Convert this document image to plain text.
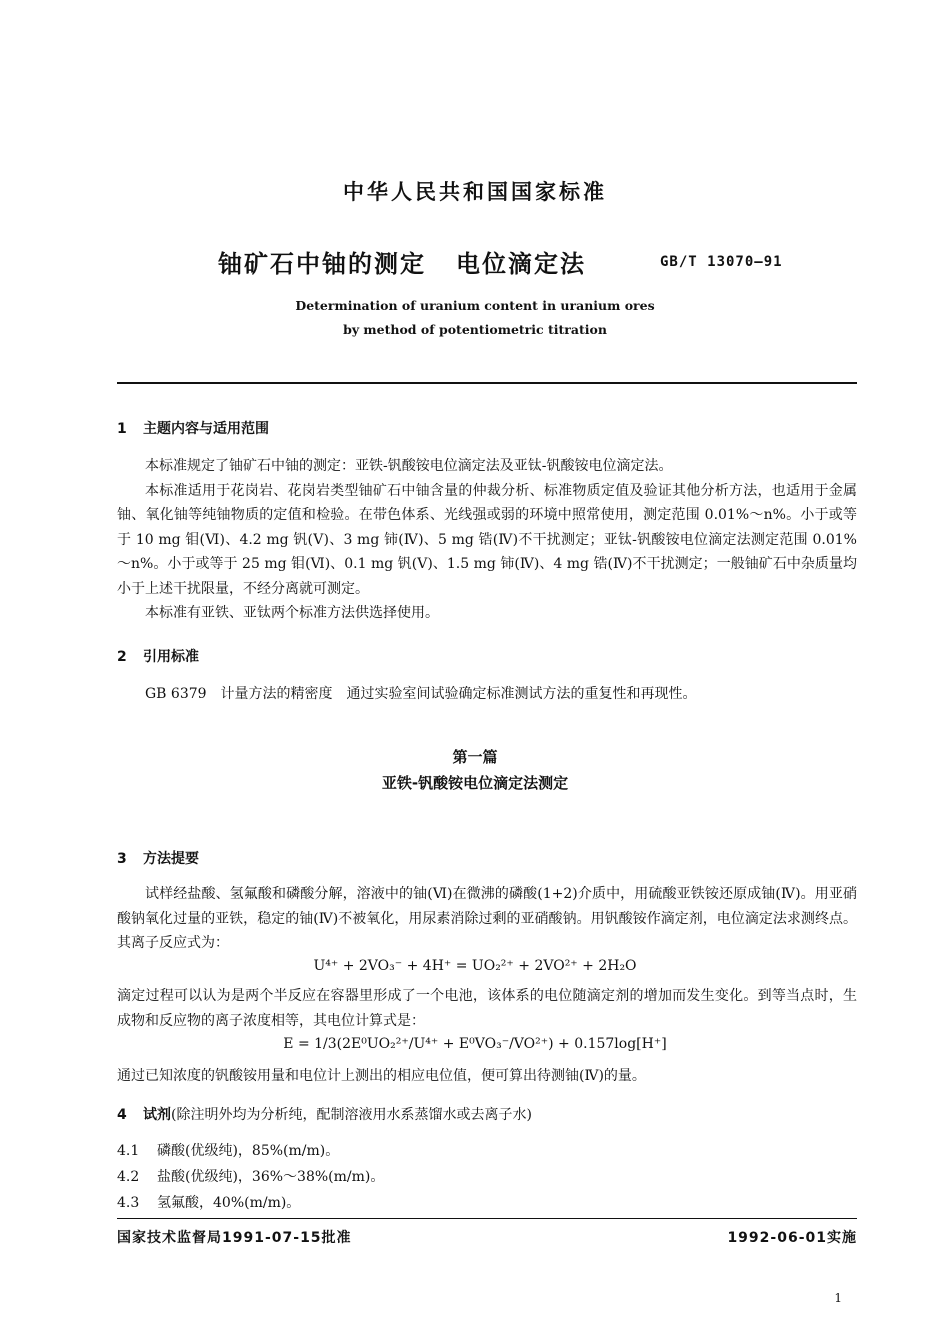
中华人民共和国国家标准
铀矿石中铀的测定 电位滴定法	GB/T 13070—91
Determination of uranium content in uranium ores
by method of potentiometric titration
1 主题内容与适用范围

本标准规定了铀矿石中铀的测定：亚铁-钒酸铵电位滴定法及亚钛-钒酸铵电位滴定法。

本标准适用于花岗岩、花岗岩类型铀矿石中铀含量的仲裁分析、标准物质定值及验证其他分析方法，也适用于金属铀、氧化铀等纯铀物质的定值和检验。在带色体系、光线强或弱的环境中照常使用，测定范围 0.01%～n%。小于或等于 10 mg 钼(Ⅵ)、4.2 mg 钒(Ⅴ)、3 mg 铈(Ⅳ)、5 mg 锆(Ⅳ)不干扰测定；亚钛-钒酸铵电位滴定法测定范围 0.01%～n%。小于或等于 25 mg 钼(Ⅵ)、0.1 mg 钒(Ⅴ)、1.5 mg 铈(Ⅳ)、4 mg 锆(Ⅳ)不干扰测定；一般铀矿石中杂质量均小于上述干扰限量，不经分离就可测定。

本标准有亚铁、亚钛两个标准方法供选择使用。

2 引用标准

GB 6379　计量方法的精密度　通过实验室间试验确定标准测试方法的重复性和再现性。

第一篇
亚铁-钒酸铵电位滴定法测定
3 方法提要

试样经盐酸、氢氟酸和磷酸分解，溶液中的铀(Ⅵ)在微沸的磷酸(1+2)介质中，用硫酸亚铁铵还原成铀(Ⅳ)。用亚硝酸钠氧化过量的亚铁，稳定的铀(Ⅳ)不被氧化，用尿素消除过剩的亚硝酸钠。用钒酸铵作滴定剂，电位滴定法求测终点。其离子反应式为：

U⁴⁺ + 2VO₃⁻ + 4H⁺ = UO₂²⁺ + 2VO²⁺ + 2H₂O

滴定过程可以认为是两个半反应在容器里形成了一个电池，该体系的电位随滴定剂的增加而发生变化。到等当点时，生成物和反应物的离子浓度相等，其电位计算式是：

E = 1/3(2E⁰UO₂²⁺/U⁴⁺ + E⁰VO₃⁻/VO²⁺) + 0.157log[H⁺]

通过已知浓度的钒酸铵用量和电位计上测出的相应电位值，便可算出待测铀(Ⅳ)的量。

4 试剂(除注明外均为分析纯，配制溶液用水系蒸馏水或去离子水)
4.1 磷酸(优级纯)，85%(m/m)。
4.2 盐酸(优级纯)，36%～38%(m/m)。
4.3 氢氟酸，40%(m/m)。
国家技术监督局1991-07-15批准	1992-06-01实施
1
